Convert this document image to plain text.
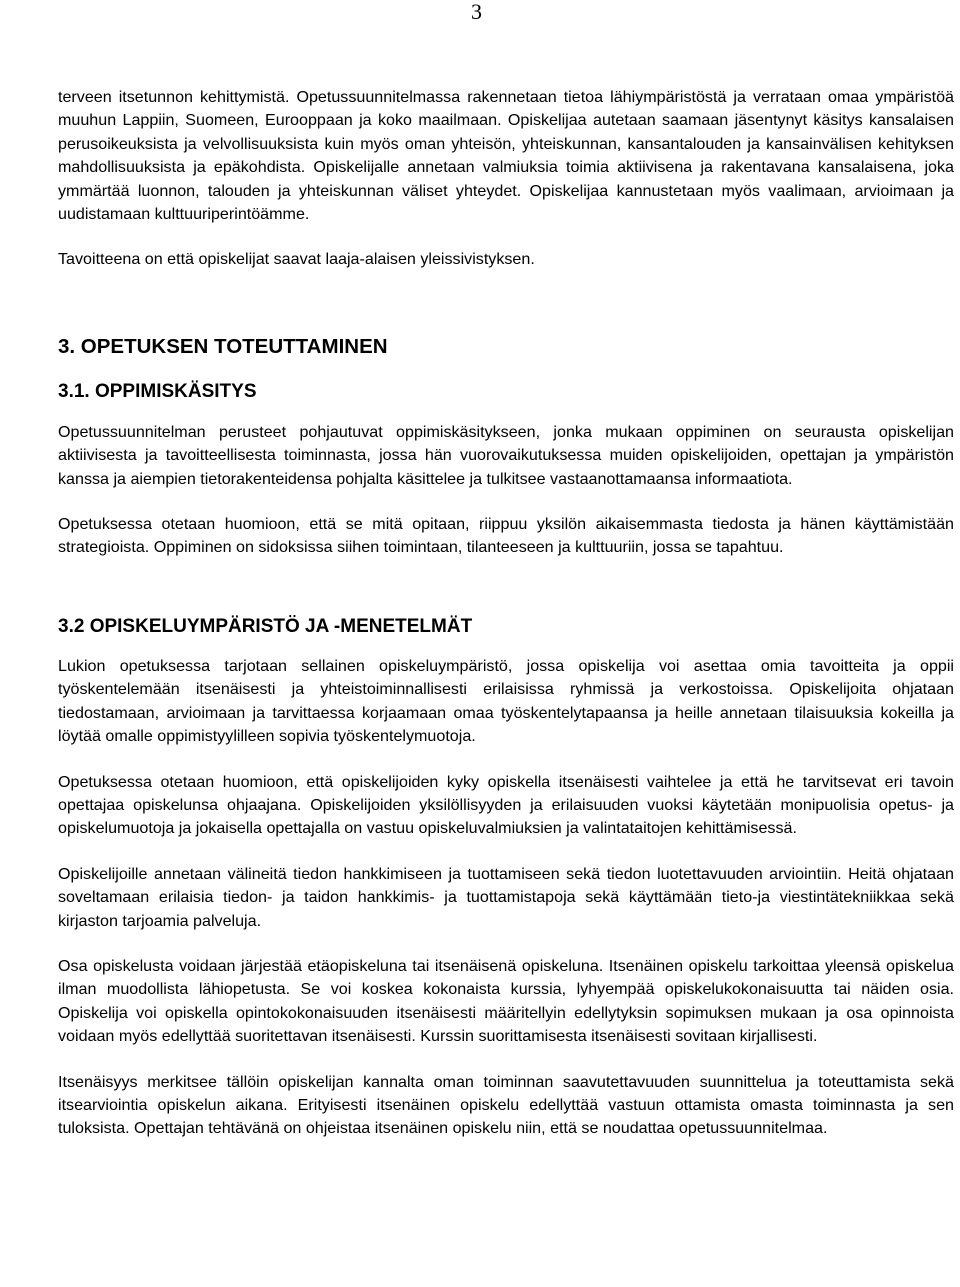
3

terveen itsetunnon kehittymistä. Opetussuunnitelmassa rakennetaan tietoa lähiympäristöstä ja verrataan omaa ympäristöä muuhun Lappiin, Suomeen, Eurooppaan ja koko maailmaan. Opiskelijaa autetaan saamaan jäsentynyt käsitys kansalaisen perusoikeuksista ja velvollisuuksista kuin myös oman yhteisön, yhteiskunnan, kansantalouden ja kansainvälisen kehityksen mahdollisuuksista ja epäkohdista. Opiskelijalle annetaan valmiuksia toimia aktiivisena ja rakentavana kansalaisena, joka ymmärtää luonnon, talouden ja yhteiskunnan väliset yhteydet. Opiskelijaa kannustetaan myös vaalimaan, arvioimaan ja uudistamaan kulttuuriperintöämme.

Tavoitteena on että opiskelijat saavat laaja-alaisen yleissivistyksen.

3. OPETUKSEN TOTEUTTAMINEN
3.1. OPPIMISKÄSITYS

Opetussuunnitelman perusteet pohjautuvat oppimiskäsitykseen, jonka mukaan oppiminen on seurausta opiskelijan aktiivisesta ja tavoitteellisesta toiminnasta, jossa hän vuorovaikutuksessa muiden opiskelijoiden, opettajan ja ympäristön kanssa ja aiempien tietorakenteidensa pohjalta käsittelee ja tulkitsee vastaanottamaansa informaatiota.

Opetuksessa otetaan huomioon, että se mitä opitaan, riippuu yksilön aikaisemmasta tiedosta ja hänen käyttämistään strategioista. Oppiminen on sidoksissa siihen toimintaan, tilanteeseen ja kulttuuriin, jossa se tapahtuu.

3.2 OPISKELUYMPÄRISTÖ JA -MENETELMÄT

Lukion opetuksessa tarjotaan sellainen opiskeluympäristö, jossa opiskelija voi asettaa omia tavoitteita ja oppii työskentelemään itsenäisesti ja yhteistoiminnallisesti erilaisissa ryhmissä ja verkostoissa. Opiskelijoita ohjataan tiedostamaan, arvioimaan ja tarvittaessa korjaamaan omaa työskentelytapaansa ja heille annetaan tilaisuuksia kokeilla ja löytää omalle oppimistyylilleen sopivia työskentelymuotoja.

Opetuksessa otetaan huomioon, että opiskelijoiden kyky opiskella itsenäisesti vaihtelee ja että he tarvitsevat eri tavoin opettajaa opiskelunsa ohjaajana. Opiskelijoiden yksilöllisyyden ja erilaisuuden vuoksi käytetään monipuolisia opetus- ja opiskelumuotoja ja jokaisella opettajalla on vastuu opiskeluvalmiuksien ja valintataitojen kehittämisessä.

Opiskelijoille annetaan välineitä tiedon hankkimiseen ja tuottamiseen sekä tiedon luotettavuuden arviointiin. Heitä ohjataan soveltamaan erilaisia tiedon- ja taidon hankkimis- ja tuottamistapoja sekä käyttämään tieto-ja viestintätekniikkaa sekä kirjaston tarjoamia palveluja.

Osa opiskelusta voidaan järjestää etäopiskeluna tai itsenäisenä opiskeluna. Itsenäinen opiskelu tarkoittaa yleensä opiskelua ilman muodollista lähiopetusta. Se voi koskea kokonaista kurssia, lyhyempää opiskelukokonaisuutta tai näiden osia. Opiskelija voi opiskella opintokokonaisuuden itsenäisesti määritellyin edellytyksin sopimuksen mukaan ja osa opinnoista voidaan myös edellyttää suoritettavan itsenäisesti. Kurssin suorittamisesta itsenäisesti sovitaan kirjallisesti.

Itsenäisyys merkitsee tällöin opiskelijan kannalta oman toiminnan saavutettavuuden suunnittelua ja toteuttamista sekä itsearviointia opiskelun aikana. Erityisesti itsenäinen opiskelu edellyttää vastuun ottamista omasta toiminnasta ja sen tuloksista. Opettajan tehtävänä on ohjeistaa itsenäinen opiskelu niin, että se noudattaa opetussuunnitelmaa.
